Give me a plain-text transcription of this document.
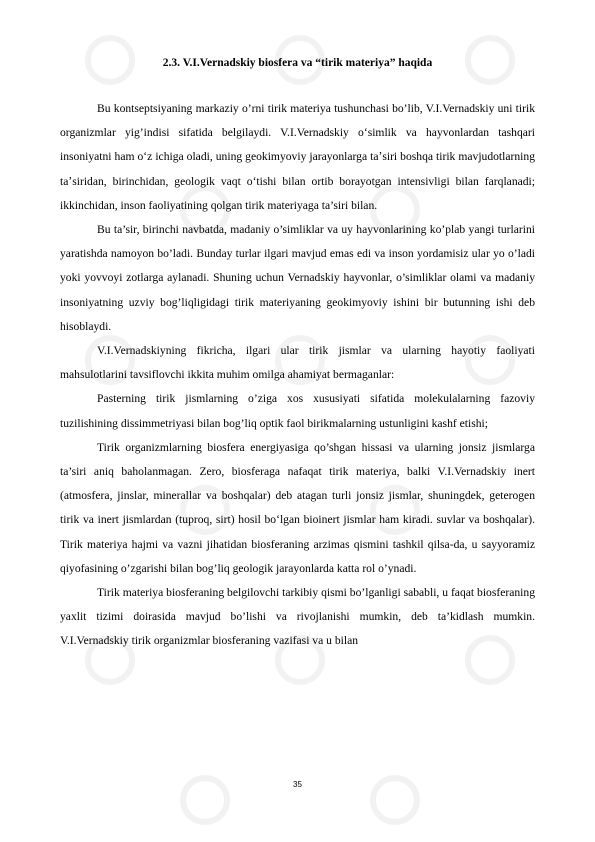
2.3. V.I.Vernadskiy biosfera va “tirik materiya” haqida

Bu kontseptsiyaning markaziy o’rni tirik materiya tushunchasi bo’lib, V.I.Vernadskiy uni tirik organizmlar yig’indisi sifatida belgilaydi. V.I.Vernadskiy oʻsimlik va hayvonlardan tashqari insoniyatni ham oʻz ichiga oladi, uning geokimyoviy jarayonlarga taʼsiri boshqa tirik mavjudotlarning taʼsiridan, birinchidan, geologik vaqt oʻtishi bilan ortib borayotgan intensivligi bilan farqlanadi; ikkinchidan, inson faoliyatining qolgan tirik materiyaga ta’siri bilan.

Bu ta’sir, birinchi navbatda, madaniy o’simliklar va uy hayvonlarining ko’plab yangi turlarini yaratishda namoyon bo’ladi. Bunday turlar ilgari mavjud emas edi va inson yordamisiz ular yo o’ladi yoki yovvoyi zotlarga aylanadi. Shuning uchun Vernadskiy hayvonlar, o’simliklar olami va madaniy insoniyatning uzviy bog’liqligidagi tirik materiyaning geokimyoviy ishini bir butunning ishi deb hisoblaydi.

V.I.Vernadskiyning fikricha, ilgari ular tirik jismlar va ularning hayotiy faoliyati mahsulotlarini tavsiflovchi ikkita muhim omilga ahamiyat bermaganlar:

Pasterning tirik jismlarning o’ziga xos xususiyati sifatida molekulalarning fazoviy tuzilishining dissimmetriyasi bilan bog’liq optik faol birikmalarning ustunligini kashf etishi;

Tirik organizmlarning biosfera energiyasiga qo’shgan hissasi va ularning jonsiz jismlarga ta’siri aniq baholanmagan. Zero, biosferaga nafaqat tirik materiya, balki V.I.Vernadskiy inert (atmosfera, jinslar, minerallar va boshqalar) deb atagan turli jonsiz jismlar, shuningdek, geterogen tirik va inert jismlardan (tuproq, sirt) hosil boʻlgan bioinert jismlar ham kiradi. suvlar va boshqalar). Tirik materiya hajmi va vazni jihatidan biosferaning arzimas qismini tashkil qilsa-da, u sayyoramiz qiyofasining o’zgarishi bilan bog’liq geologik jarayonlarda katta rol o’ynadi.

Tirik materiya biosferaning belgilovchi tarkibiy qismi bo’lganligi sababli, u faqat biosferaning yaxlit tizimi doirasida mavjud bo’lishi va rivojlanishi mumkin, deb ta’kidlash mumkin. V.I.Vernadskiy tirik organizmlar biosferaning vazifasi va u bilan

35
